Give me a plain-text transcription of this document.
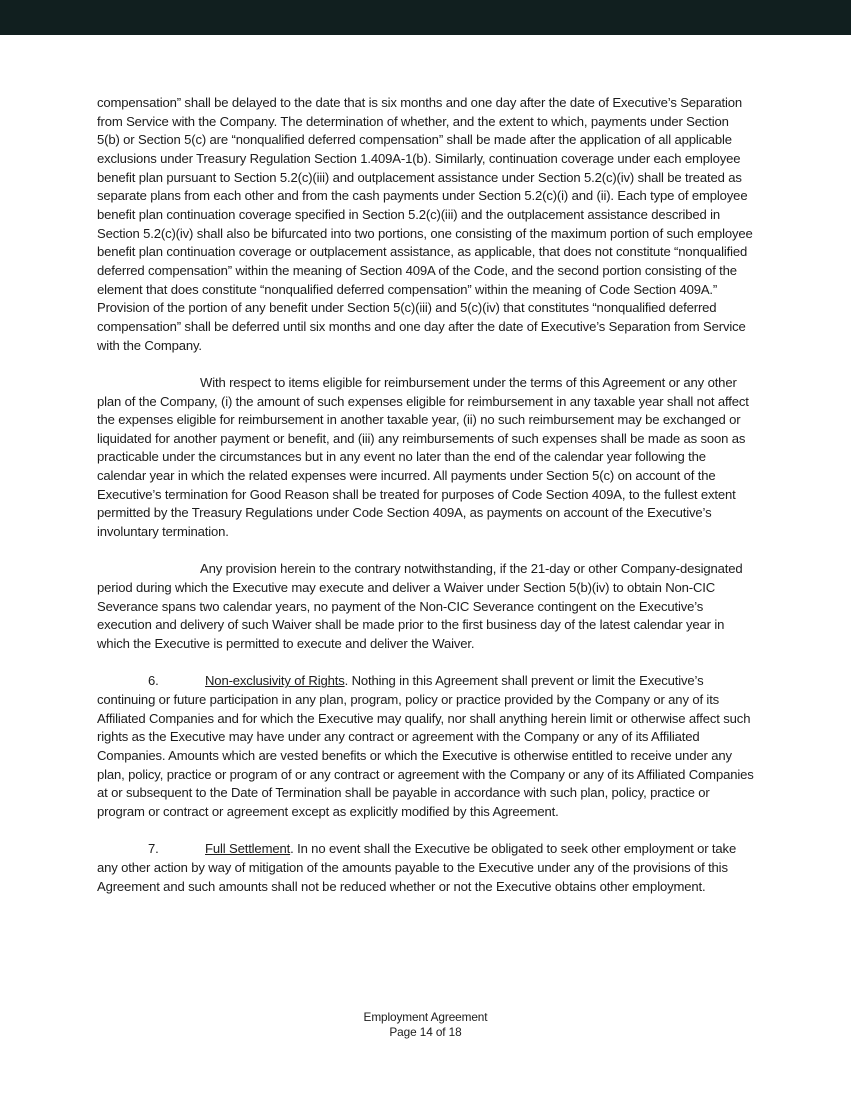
compensation” shall be delayed to the date that is six months and one day after the date of Executive’s Separation from Service with the Company. The determination of whether, and the extent to which, payments under Section 5(b) or Section 5(c) are “nonqualified deferred compensation” shall be made after the application of all applicable exclusions under Treasury Regulation Section 1.409A-1(b). Similarly, continuation coverage under each employee benefit plan pursuant to Section 5.2(c)(iii) and outplacement assistance under Section 5.2(c)(iv) shall be treated as separate plans from each other and from the cash payments under Section 5.2(c)(i) and (ii). Each type of employee benefit plan continuation coverage specified in Section 5.2(c)(iii) and the outplacement assistance described in Section 5.2(c)(iv) shall also be bifurcated into two portions, one consisting of the maximum portion of such employee benefit plan continuation coverage or outplacement assistance, as applicable, that does not constitute “nonqualified deferred compensation” within the meaning of Section 409A of the Code, and the second portion consisting of the element that does constitute “nonqualified deferred compensation” within the meaning of Code Section 409A.” Provision of the portion of any benefit under Section 5(c)(iii) and 5(c)(iv) that constitutes “nonqualified deferred compensation” shall be deferred until six months and one day after the date of Executive’s Separation from Service with the Company.

With respect to items eligible for reimbursement under the terms of this Agreement or any other plan of the Company, (i) the amount of such expenses eligible for reimbursement in any taxable year shall not affect the expenses eligible for reimbursement in another taxable year, (ii) no such reimbursement may be exchanged or liquidated for another payment or benefit, and (iii) any reimbursements of such expenses shall be made as soon as practicable under the circumstances but in any event no later than the end of the calendar year following the calendar year in which the related expenses were incurred. All payments under Section 5(c) on account of the Executive’s termination for Good Reason shall be treated for purposes of Code Section 409A, to the fullest extent permitted by the Treasury Regulations under Code Section 409A, as payments on account of the Executive’s involuntary termination.

Any provision herein to the contrary notwithstanding, if the 21-day or other Company-designated period during which the Executive may execute and deliver a Waiver under Section 5(b)(iv) to obtain Non-CIC Severance spans two calendar years, no payment of the Non-CIC Severance contingent on the Executive’s execution and delivery of such Waiver shall be made prior to the first business day of the latest calendar year in which the Executive is permitted to execute and deliver the Waiver.

6.	Non-exclusivity of Rights. Nothing in this Agreement shall prevent or limit the Executive’s continuing or future participation in any plan, program, policy or practice provided by the Company or any of its Affiliated Companies and for which the Executive may qualify, nor shall anything herein limit or otherwise affect such rights as the Executive may have under any contract or agreement with the Company or any of its Affiliated Companies. Amounts which are vested benefits or which the Executive is otherwise entitled to receive under any plan, policy, practice or program of or any contract or agreement with the Company or any of its Affiliated Companies at or subsequent to the Date of Termination shall be payable in accordance with such plan, policy, practice or program or contract or agreement except as explicitly modified by this Agreement.

7.	Full Settlement. In no event shall the Executive be obligated to seek other employment or take any other action by way of mitigation of the amounts payable to the Executive under any of the provisions of this Agreement and such amounts shall not be reduced whether or not the Executive obtains other employment.

Employment Agreement
Page 14 of 18
